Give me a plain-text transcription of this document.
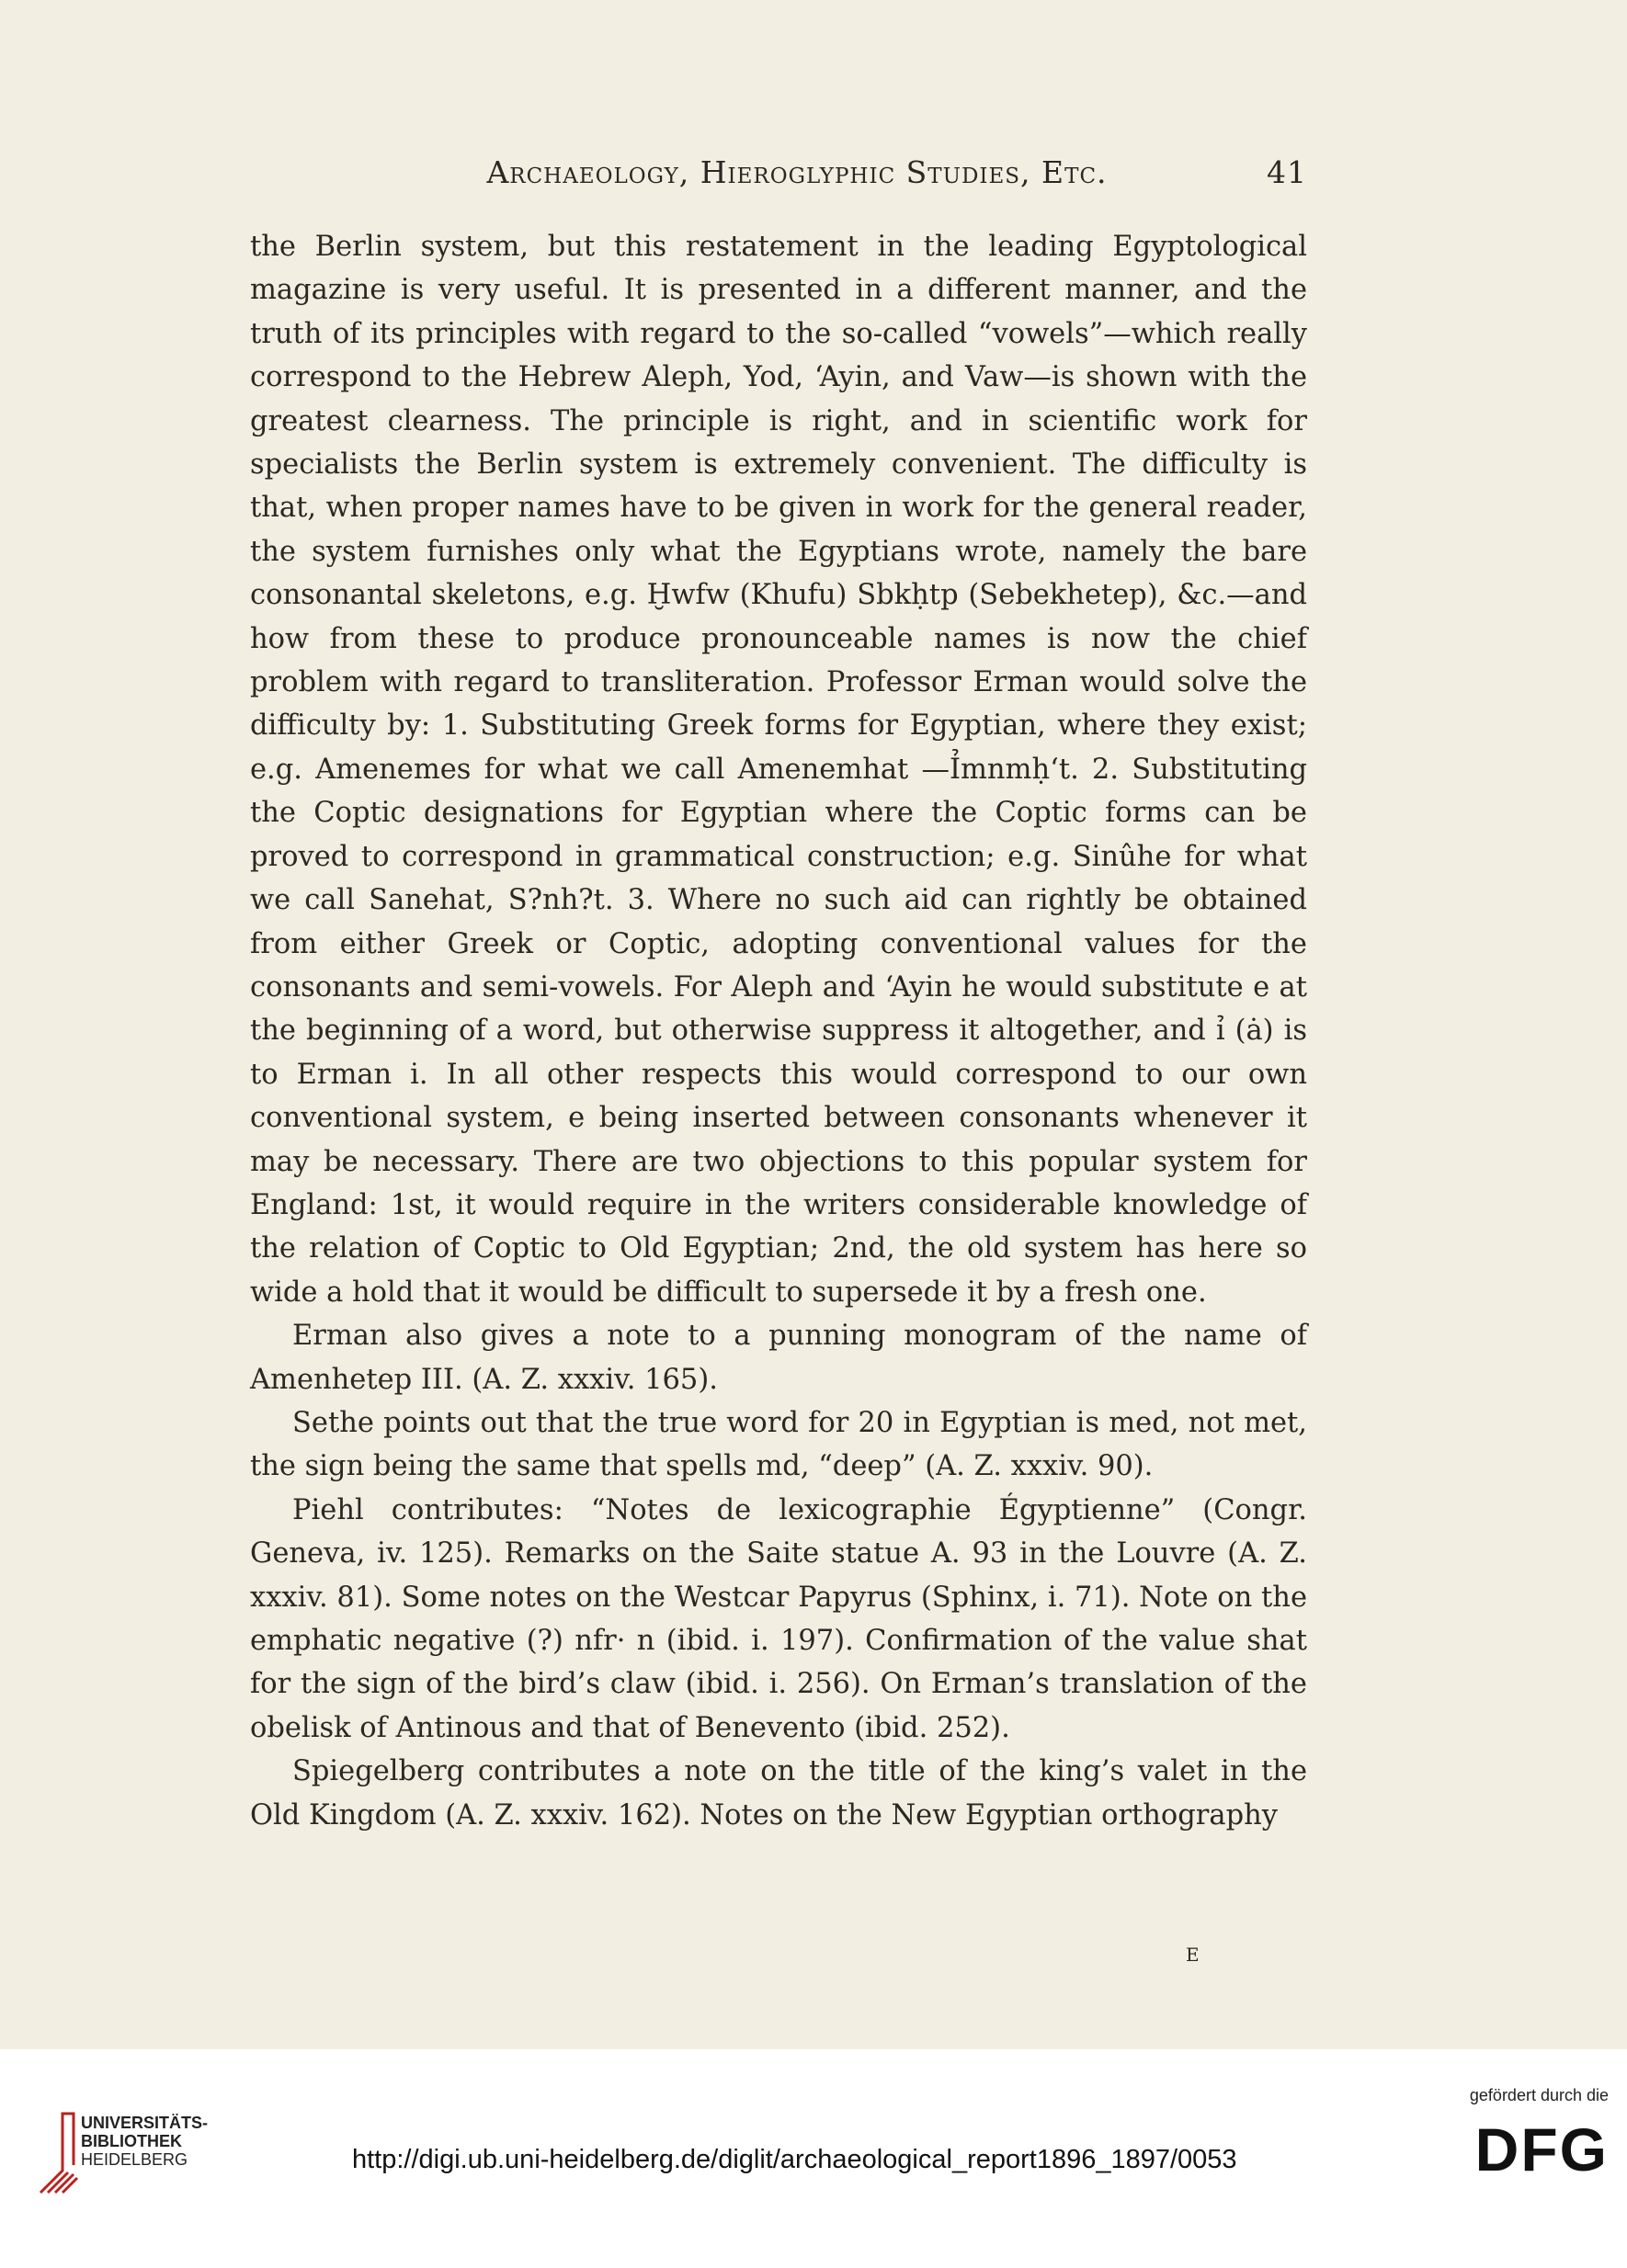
Archaeology, Hieroglyphic Studies, Etc.	41

the Berlin system, but this restatement in the leading Egyptological magazine is very useful. It is presented in a different manner, and the truth of its principles with regard to the so-called “vowels”—which really correspond to the Hebrew Aleph, Yod, ‘Ayin, and Vaw—is shown with the greatest clearness. The principle is right, and in scientific work for specialists the Berlin system is extremely convenient. The difficulty is that, when proper names have to be given in work for the general reader, the system furnishes only what the Egyptians wrote, namely the bare consonantal skeletons, e.g. Ḫwfw (Khufu) Sbkḥtp (Sebekhetep), &c.—and how from these to produce pronounceable names is now the chief problem with regard to transliteration. Professor Erman would solve the difficulty by: 1. Substituting Greek forms for Egyptian, where they exist; e.g. Amenemes for what we call Amenemhat —Ỉmnmḥ‘t. 2. Substituting the Coptic designations for Egyptian where the Coptic forms can be proved to correspond in grammatical construction; e.g. Sinûhe for what we call Sanehat, S?nh?t. 3. Where no such aid can rightly be obtained from either Greek or Coptic, adopting conventional values for the consonants and semi-vowels. For Aleph and ‘Ayin he would substitute e at the beginning of a word, but otherwise suppress it altogether, and ỉ (ȧ) is to Erman i. In all other respects this would correspond to our own conventional system, e being inserted between consonants whenever it may be necessary. There are two objections to this popular system for England: 1st, it would require in the writers considerable knowledge of the relation of Coptic to Old Egyptian; 2nd, the old system has here so wide a hold that it would be difficult to supersede it by a fresh one.

Erman also gives a note to a punning monogram of the name of Amenhetep III. (A. Z. xxxiv. 165).

Sethe points out that the true word for 20 in Egyptian is med, not met, the sign being the same that spells md, “deep” (A. Z. xxxiv. 90).

Piehl contributes: “Notes de lexicographie Égyptienne” (Congr. Geneva, iv. 125). Remarks on the Saite statue A. 93 in the Louvre (A. Z. xxxiv. 81). Some notes on the Westcar Papyrus (Sphinx, i. 71). Note on the emphatic negative (?) nfr· n (ibid. i. 197). Confirmation of the value shat for the sign of the bird’s claw (ibid. i. 256). On Erman’s translation of the obelisk of Antinous and that of Benevento (ibid. 252).

Spiegelberg contributes a note on the title of the king’s valet in the Old Kingdom (A. Z. xxxiv. 162). Notes on the New Egyptian orthography

E
UNIVERSITÄTS-
BIBLIOTHEK
HEIDELBERG	http://digi.ub.uni-heidelberg.de/diglit/archaeological_report1896_1897/0053
gefördert durch die
DFG
